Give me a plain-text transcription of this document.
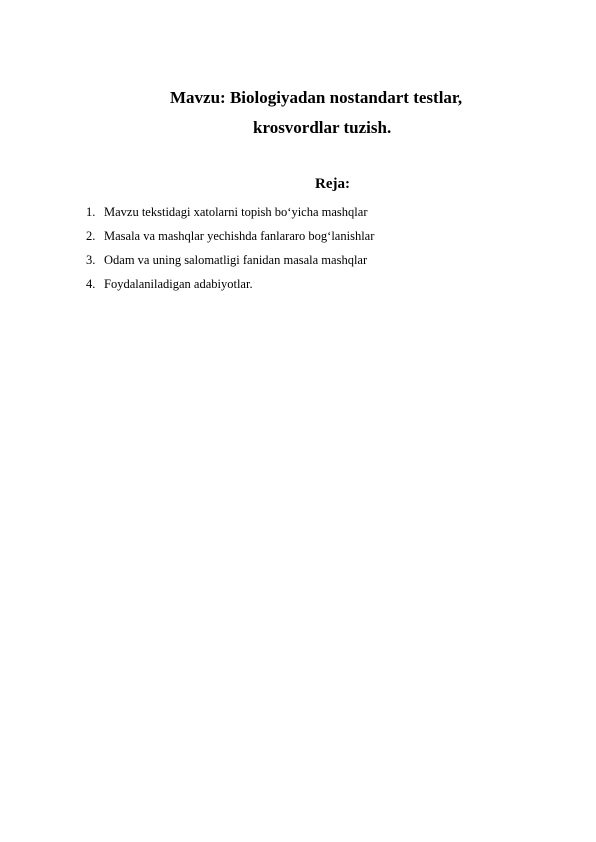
Mavzu: Biologiyadan nostandart testlar,
krosvordlar tuzish.
Reja:
1. Mavzu tekstidagi xatolarni topish bo‘yicha mashqlar
2. Masala va mashqlar yechishda fanlararo bog‘lanishlar
3. Odam va uning salomatligi fanidan masala mashqlar
4. Foydalaniladigan adabiyotlar.
